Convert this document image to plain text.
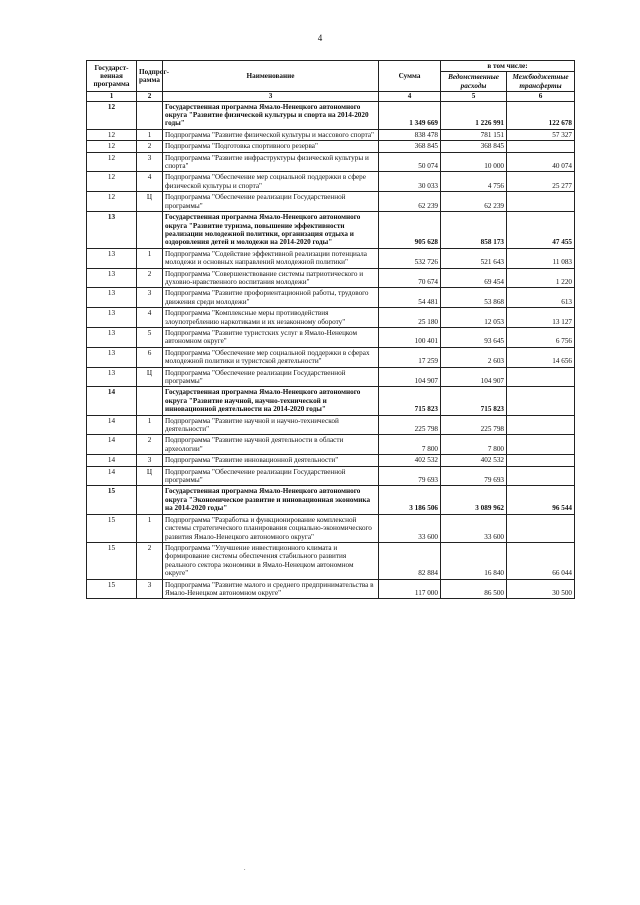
4
Государст-венная программа	Подпрог-рамма	Наименование	Сумма	в том числе:	
				Ведомственные расходы	Межбюджетные трансферты
1	2	3	4	5	6
12		Государственная программа Ямало-Ненецкого автономного округа "Развитие физической культуры и спорта на 2014-2020 годы"	1 349 669	1 226 991	122 678
12	1	Подпрограмма "Развитие физической культуры и массового спорта"	838 478	781 151	57 327
12	2	Подпрограмма "Подготовка спортивного резерва"	368 845	368 845	
12	3	Подпрограмма "Развитие инфраструктуры физической культуры и спорта"	50 074	10 000	40 074
12	4	Подпрограмма "Обеспечение мер социальной поддержки в сфере физической культуры и спорта"	30 033	4 756	25 277
12	Ц	Подпрограмма "Обеспечение реализации Государственной программы"	62 239	62 239	
13		Государственная программа Ямало-Ненецкого автономного округа "Развитие туризма, повышение эффективности реализации молодежной политики, организация отдыха и оздоровления детей и молодежи на 2014-2020 годы"	905 628	858 173	47 455
13	1	Подпрограмма "Содействие эффективной реализации потенциала молодежи и основных направлений молодежной политики"	532 726	521 643	11 083
13	2	Подпрограмма "Совершенствование системы патриотического и духовно-нравственного воспитания молодежи"	70 674	69 454	1 220
13	3	Подпрограмма "Развитие профориентационной работы, трудового движения среди молодежи"	54 481	53 868	613
13	4	Подпрограмма "Комплексные меры противодействия злоупотреблению наркотиками и их незаконному обороту"	25 180	12 053	13 127
13	5	Подпрограмма "Развитие туристских услуг в Ямало-Ненецком автономном округе"	100 401	93 645	6 756
13	6	Подпрограмма "Обеспечение мер социальной поддержки в сферах молодежной политики и туристской деятельности"	17 259	2 603	14 656
13	Ц	Подпрограмма "Обеспечение реализации Государственной программы"	104 907	104 907	
14		Государственная программа Ямало-Ненецкого автономного округа "Развитие научной, научно-технической и инновационной деятельности на 2014-2020 годы"	715 823	715 823	
14	1	Подпрограмма "Развитие научной и научно-технической деятельности"	225 798	225 798	
14	2	Подпрограмма "Развитие научной деятельности в области археологии"	7 800	7 800	
14	3	Подпрограмма "Развитие инновационной деятельности"	402 532	402 532	
14	Ц	Подпрограмма "Обеспечение реализации Государственной программы"	79 693	79 693	
15		Государственная программа Ямало-Ненецкого автономного округа "Экономическое развитие и инновационная экономика на 2014-2020 годы"	3 186 506	3 089 962	96 544
15	1	Подпрограмма "Разработка и функционирование комплексной системы стратегического планирования социально-экономического развития Ямало-Ненецкого автономного округа"	33 600	33 600	
15	2	Подпрограмма "Улучшение инвестиционного климата и формирование системы обеспечения стабильного развития реального сектора экономики в Ямало-Ненецком автономном округе"	82 884	16 840	66 044
15	3	Подпрограмма "Развитие малого и среднего предпринимательства в Ямало-Ненецком автономном округе"	117 000	86 500	30 500
.
